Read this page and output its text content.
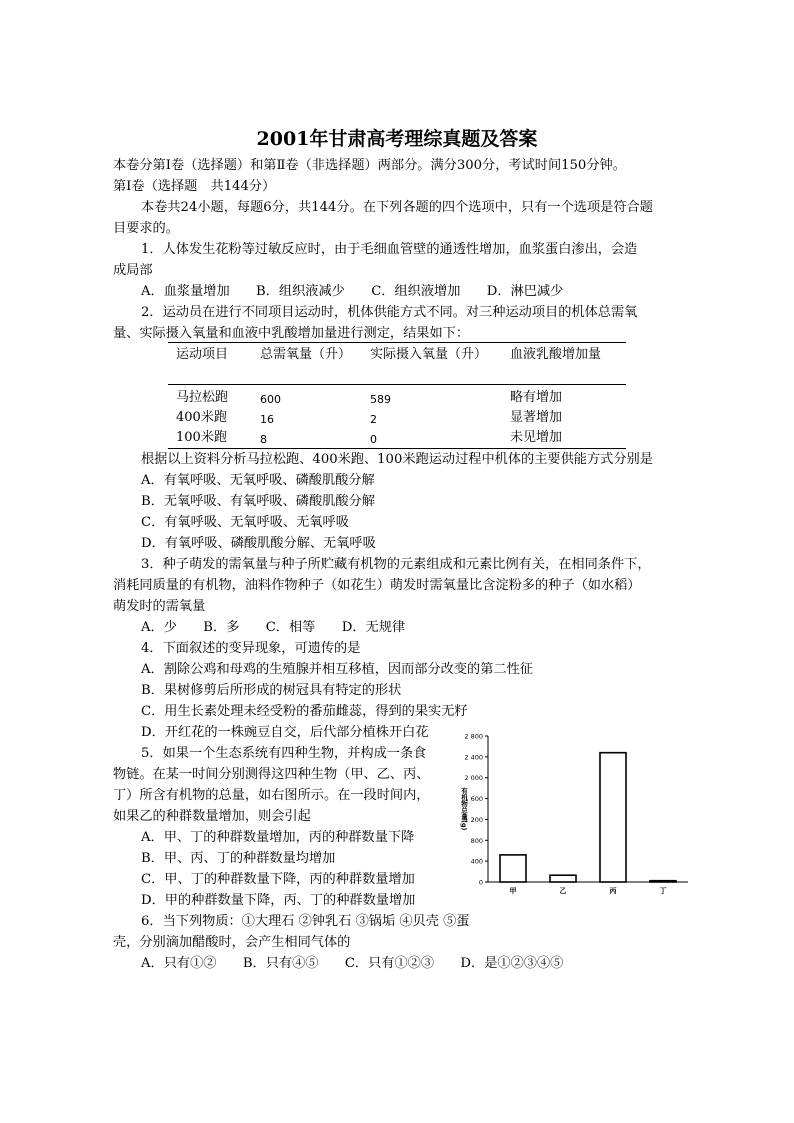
2001年甘肃高考理综真题及答案
本卷分第Ⅰ卷（选择题）和第Ⅱ卷（非选择题）两部分。满分300分，考试时间150分钟。
第Ⅰ卷（选择题　共144分）
本卷共24小题，每题6分，共144分。在下列各题的四个选项中，只有一个选项是符合题
目要求的。
1．人体发生花粉等过敏反应时，由于毛细血管壁的通透性增加，血浆蛋白渗出，会造
成局部
A．血浆量增加　　B．组织液减少　　C．组织液增加　　D．淋巴减少
2．运动员在进行不同项目运动时，机体供能方式不同。对三种运动项目的机体总需氧
量、实际摄入氧量和血液中乳酸增加量进行测定，结果如下：
运动项目 总需氧量（升） 实际摄入氧量（升） 血液乳酸增加量
马拉松跑	600	589	略有增加
400米跑	16	2	显著增加
100米跑	8	0	未见增加
根据以上资料分析马拉松跑、400米跑、100米跑运动过程中机体的主要供能方式分别是
A．有氧呼吸、无氧呼吸、磷酸肌酸分解
B．无氧呼吸、有氧呼吸、磷酸肌酸分解
C．有氧呼吸、无氧呼吸、无氧呼吸
D．有氧呼吸、磷酸肌酸分解、无氧呼吸
3．种子萌发的需氧量与种子所贮藏有机物的元素组成和元素比例有关，在相同条件下，
消耗同质量的有机物，油料作物种子（如花生）萌发时需氧量比含淀粉多的种子（如水稻）
萌发时的需氧量
A．少　　B．多　　C．相等　　D．无规律
4．下面叙述的变异现象，可遗传的是
A．割除公鸡和母鸡的生殖腺并相互移植，因而部分改变的第二性征
B．果树修剪后所形成的树冠具有特定的形状
C．用生长素处理未经受粉的番茄雌蕊，得到的果实无籽
D．开红花的一株豌豆自交，后代部分植株开白花
5．如果一个生态系统有四种生物，并构成一条食
物链。在某一时间分别测得这四种生物（甲、乙、丙、
丁）所含有机物的总量，如右图所示。在一段时间内，
如果乙的种群数量增加，则会引起
A．甲、丁的种群数量增加，丙的种群数量下降
B．甲、丙、丁的种群数量均增加
C．甲、丁的种群数量下降，丙的种群数量增加
D．甲的种群数量下降，丙、丁的种群数量增加
6．当下列物质：①大理石 ②钟乳石 ③锅垢 ④贝壳 ⑤蛋
壳，分别滴加醋酸时，会产生相同气体的
A．只有①②　　B．只有④⑤　　C．只有①②③　　D．是①②③④⑤
0
400
800
1 200
1 600
2 000
2 400
2 800
有机物总量(g)
甲	乙	丙	丁
